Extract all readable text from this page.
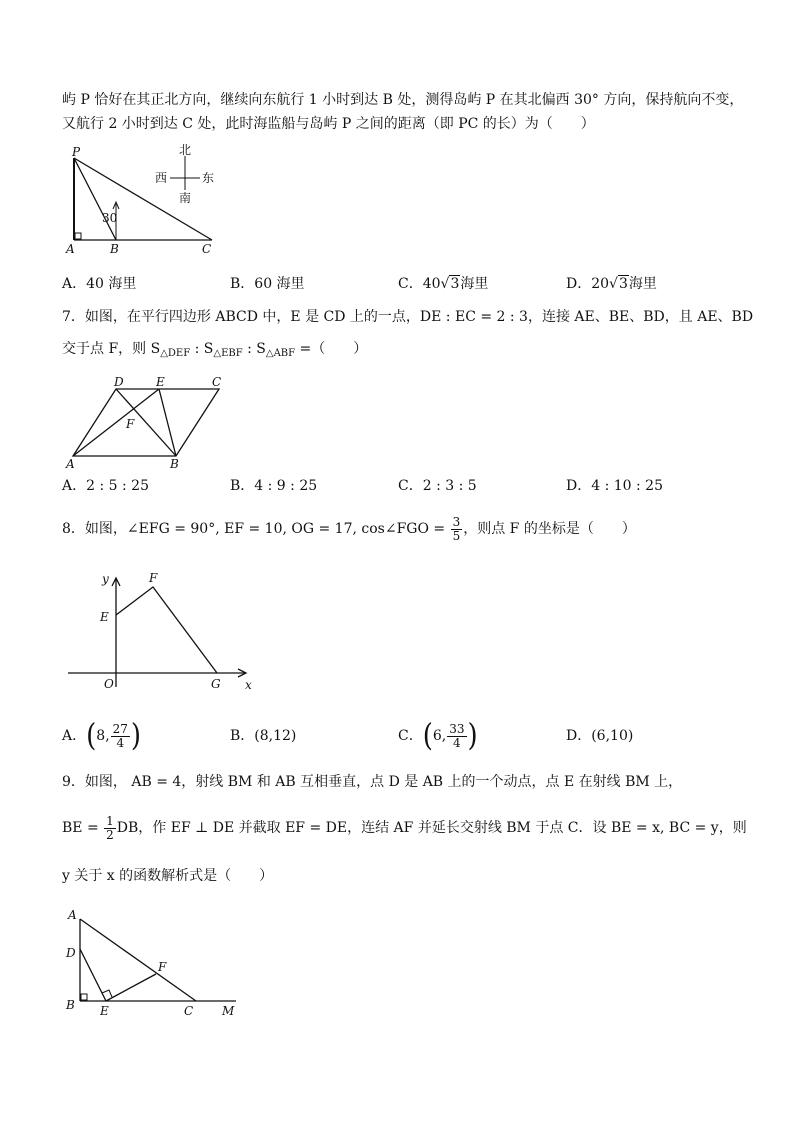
屿 P 恰好在其正北方向，继续向东航行 1 小时到达 B 处，测得岛屿 P 在其北偏西 30° 方向，保持航向不变，
又航行 2 小时到达 C 处，此时海监船与岛屿 P 之间的距离（即 PC 的长）为（　　）
P
A	B	C
30
北
南
西	东
A．40 海里	B．60 海里	C．40√3海里	D．20√3海里
7．如图，在平行四边形 ABCD 中，E 是 CD 上的一点，DE : EC = 2 : 3，连接 AE、BE、BD，且 AE、BD
交于点 F，则 $S_{\triangle DEF}$ : $S_{\triangle EBF}$ : $S_{\triangle ABF}$ =（　　）
D	E	C
F
A	B
A．2 : 5 : 25	B．4 : 9 : 25	C．2 : 3 : 5	D．4 : 10 : 25
8．如图，∠EFG = 90°, EF = 10, OG = 17, cos∠FGO = $\frac{3}{5}$ ，则点 F 的坐标是（　　）
y
x
E
F
O	G
A．(8, $\frac{27}{4}$ )	B．(8,12)	C．(6, $\frac{33}{4}$ )	D．(6,10)
9．如图， AB = 4，射线 BM 和 AB 互相垂直，点 D 是 AB 上的一个动点，点 E 在射线 BM 上，
BE = $\frac{1}{2}$ DB，作 EF ⊥ DE 并截取 EF = DE，连结 AF 并延长交射线 BM 于点 C．设 BE = x, BC = y，则
y 关于 x 的函数解析式是（　　）
A
D
B E
F
C M
